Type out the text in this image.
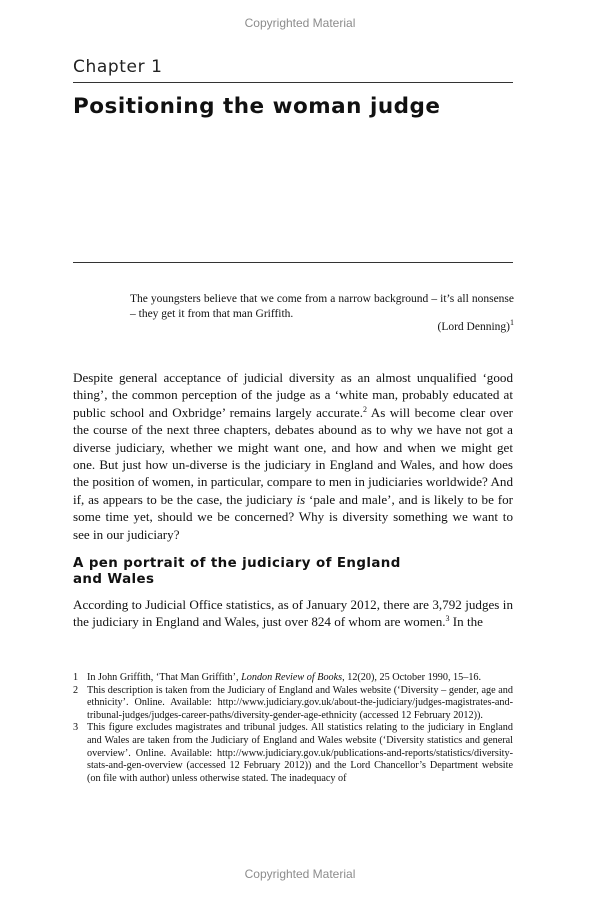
Copyrighted Material
Chapter 1
Positioning the woman judge
The youngsters believe that we come from a narrow background – it’s all nonsense – they get it from that man Griffith.
(Lord Denning)$^1$
Despite general acceptance of judicial diversity as an almost unqualified ‘good thing’, the common perception of the judge as a ‘white man, probably educated at public school and Oxbridge’ remains largely accurate.$^2$ As will become clear over the course of the next three chapters, debates abound as to why we have not got a diverse judiciary, whether we might want one, and how and when we might get one. But just how un-diverse is the judiciary in England and Wales, and how does the position of women, in particular, compare to men in judiciaries worldwide? And if, as appears to be the case, the judiciary is ‘pale and male’, and is likely to be for some time yet, should we be concerned? Why is diversity something we want to see in our judiciary?
A pen portrait of the judiciary of England and Wales
According to Judicial Office statistics, as of January 2012, there are 3,792 judges in the judiciary in England and Wales, just over 824 of whom are women.$^3$ In the
1 In John Griffith, ‘That Man Griffith’, London Review of Books, 12(20), 25 October 1990, 15–16.
2 This description is taken from the Judiciary of England and Wales website (‘Diversity – gender, age and ethnicity’. Online. Available: http://www.judiciary.gov.uk/about-the-judiciary/judges-magistrates-and-tribunal-judges/judges-career-paths/diversity-gender-age-ethnicity (accessed 12 February 2012)).
3 This figure excludes magistrates and tribunal judges. All statistics relating to the judiciary in England and Wales are taken from the Judiciary of England and Wales website (‘Diversity statistics and general overview’. Online. Available: http://www.judiciary.gov.uk/publications-and-reports/statistics/diversity-stats-and-gen-overview (accessed 12 February 2012)) and the Lord Chancellor’s Department website (on file with author) unless otherwise stated. The inadequacy of
Copyrighted Material
